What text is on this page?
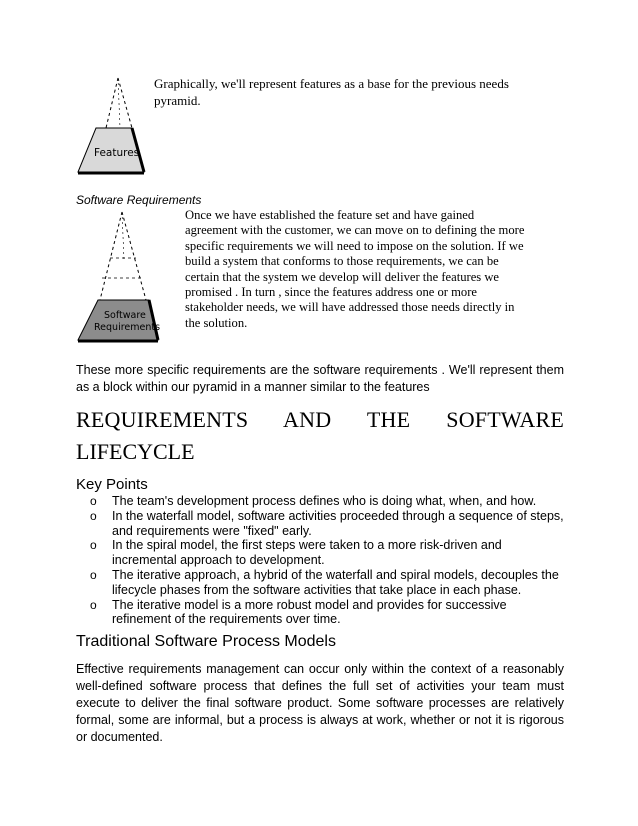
Features
Graphically, we'll represent features as a base for the previous needs pyramid.
Software Requirements
Software
Requirements
Once we have established the feature set and have gained agreement with the customer, we can move on to defining the more specific requirements we will need to impose on the solution. If we build a system that conforms to those requirements, we can be certain that the system we develop will deliver the features we promised . In turn , since the features address one or more stakeholder needs, we will have addressed those needs directly in the solution.
These more specific requirements are the software requirements . We'll represent them as a block within our pyramid in a manner similar to the features
REQUIREMENTS AND THE SOFTWARE
LIFECYCLE
Key Points
o The team's development process defines who is doing what, when, and how.
o In the waterfall model, software activities proceeded through a sequence of steps, and requirements were "fixed" early.
o In the spiral model, the first steps were taken to a more risk-driven and incremental approach to development.
o The iterative approach, a hybrid of the waterfall and spiral models, decouples the lifecycle phases from the software activities that take place in each phase.
o The iterative model is a more robust model and provides for successive refinement of the requirements over time.
Traditional Software Process Models
Effective requirements management can occur only within the context of a reasonably well-defined software process that defines the full set of activities your team must execute to deliver the final software product. Some software processes are relatively formal, some are informal, but a process is always at work, whether or not it is rigorous or documented.
